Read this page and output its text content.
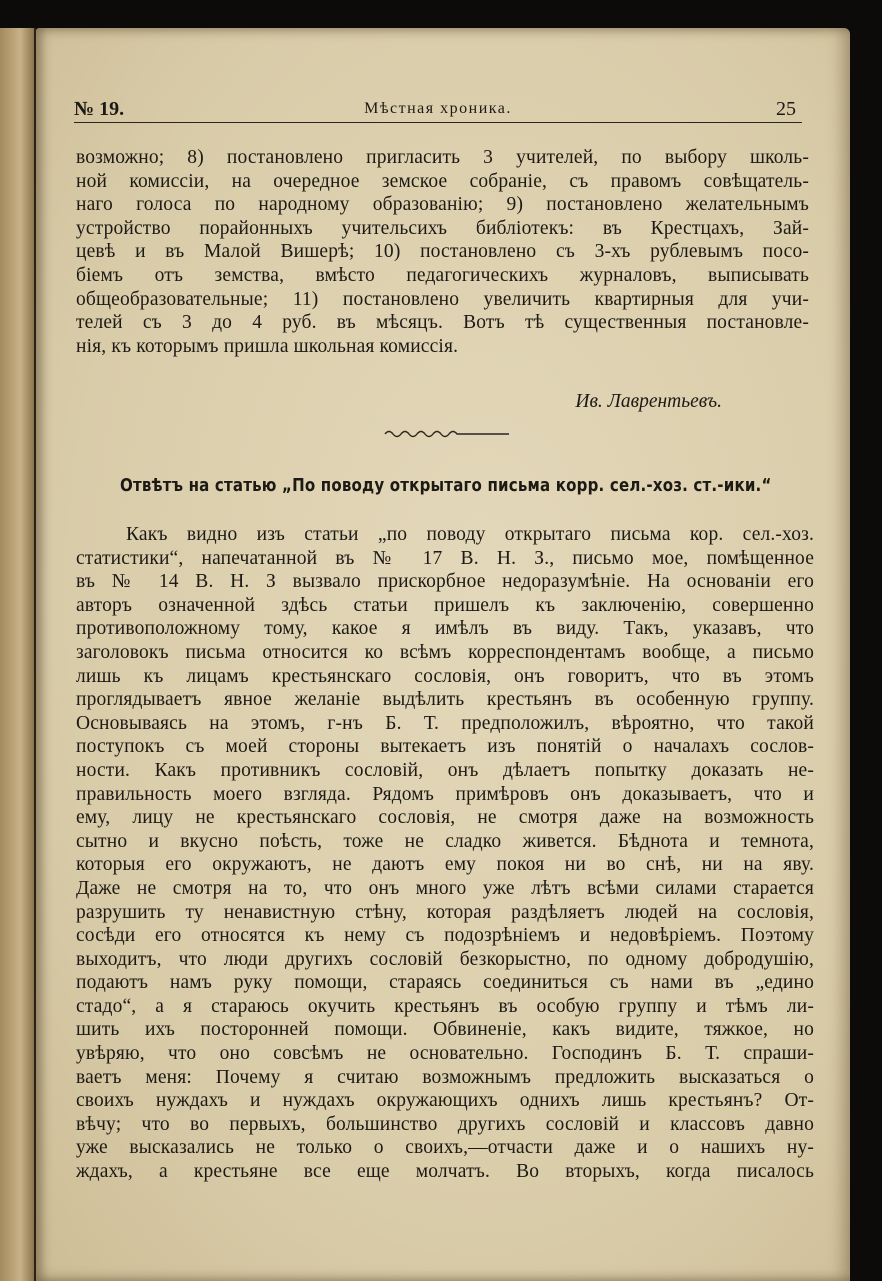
№ 19.	Мѣстная хроника.	25
возможно; 8) постановлено пригласить 3 учителей, по выбору школь-
ной комиссіи, на очередное земское собраніе, съ правомъ совѣщатель-
наго голоса по народному образованію; 9) постановлено желательнымъ
устройство порайонныхъ учительсихъ библіотекъ: въ Крестцахъ, Зай-
цевѣ и въ Малой Вишерѣ; 10) постановлено съ 3-хъ рублевымъ посо-
біемъ отъ земства, вмѣсто педагогическихъ журналовъ, выписывать
общеобразовательные; 11) постановлено увеличить квартирныя для учи-
телей съ 3 до 4 руб. въ мѣсяцъ. Вотъ тѣ существенныя постановле-
нія, къ которымъ пришла школьная комиссія.
Ив. Лаврентьевъ.
Отвѣтъ на статью „По поводу открытаго письма корр. сел.-хоз. ст.-ики.“
Какъ видно изъ статьи „по поводу открытаго письма кор. сел.-хоз.
статистики“, напечатанной въ № 17 В. Н. З., письмо мое, помѣщенное
въ № 14 В. Н. З вызвало прискорбное недоразумѣніе. На основаніи его
авторъ означенной здѣсь статьи пришелъ къ заключенію, совершенно
противоположному тому, какое я имѣлъ въ виду. Такъ, указавъ, что
заголовокъ письма относится ко всѣмъ корреспондентамъ вообще, а письмо
лишь къ лицамъ крестьянскаго сословія, онъ говоритъ, что въ этомъ
проглядываетъ явное желаніе выдѣлить крестьянъ въ особенную группу.
Основываясь на этомъ, г-нъ Б. Т. предположилъ, вѣроятно, что такой
поступокъ съ моей стороны вытекаетъ изъ понятій о началахъ сослов-
ности. Какъ противникъ сословій, онъ дѣлаетъ попытку доказать не-
правильность моего взгляда. Рядомъ примѣровъ онъ доказываетъ, что и
ему, лицу не крестьянскаго сословія, не смотря даже на возможность
сытно и вкусно поѣсть, тоже не сладко живется. Бѣднота и темнота,
которыя его окружаютъ, не даютъ ему покоя ни во снѣ, ни на яву.
Даже не смотря на то, что онъ много уже лѣтъ всѣми силами старается
разрушить ту ненавистную стѣну, которая раздѣляетъ людей на сословія,
сосѣди его относятся къ нему съ подозрѣніемъ и недовѣріемъ. Поэтому
выходитъ, что люди другихъ сословій безкорыстно, по одному добродушію,
подаютъ намъ руку помощи, стараясь соединиться съ нами въ „едино
стадо“, а я стараюсь окучить крестьянъ въ особую группу и тѣмъ ли-
шить ихъ посторонней помощи. Обвиненіе, какъ видите, тяжкое, но
увѣряю, что оно совсѣмъ не основательно. Господинъ Б. Т. спраши-
ваетъ меня: Почему я считаю возможнымъ предложить высказаться о
своихъ нуждахъ и нуждахъ окружающихъ однихъ лишь крестьянъ? От-
вѣчу; что во первыхъ, большинство другихъ сословій и классовъ давно
уже высказались не только о своихъ,—отчасти даже и о нашихъ ну-
ждахъ, а крестьяне все еще молчатъ. Во вторыхъ, когда писалось
